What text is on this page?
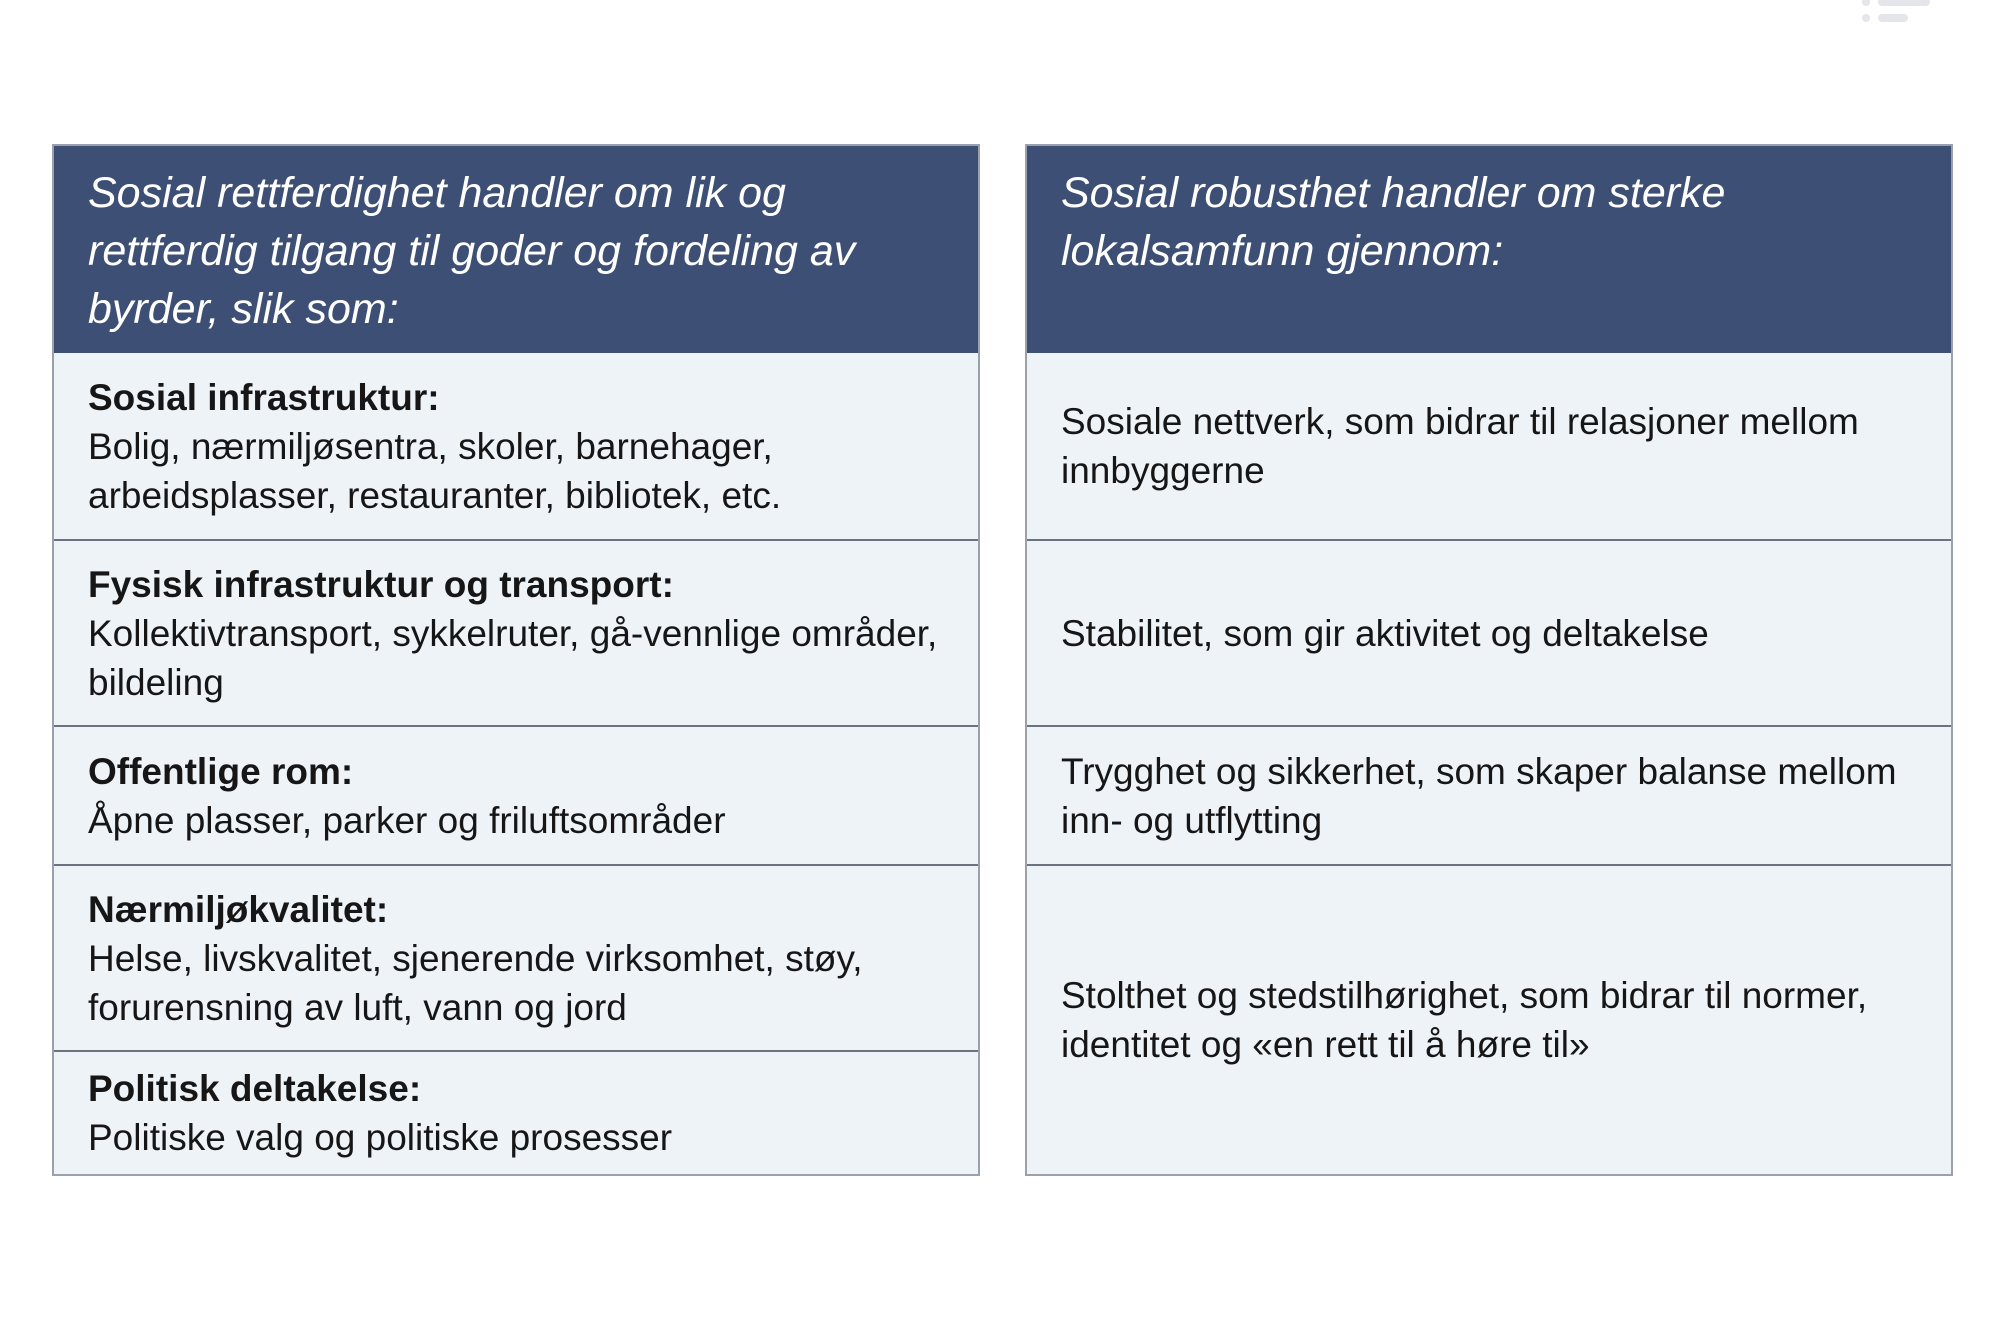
Sosial rettferdighet handler om lik og rettferdig tilgang til goder og fordeling av byrder, slik som:
Sosial infrastruktur:
Bolig, nærmiljøsentra, skoler, barnehager, arbeidsplasser, restauranter, bibliotek, etc.
Fysisk infrastruktur og transport:
Kollektivtransport, sykkelruter, gå-vennlige områder, bildeling
Offentlige rom:
Åpne plasser, parker og friluftsområder
Nærmiljøkvalitet:
Helse, livskvalitet, sjenerende virksomhet, støy, forurensning av luft, vann og jord
Politisk deltakelse:
Politiske valg og politiske prosesser
Sosial robusthet handler om sterke lokalsamfunn gjennom:
Sosiale nettverk, som bidrar til relasjoner mellom innbyggerne
Stabilitet, som gir aktivitet og deltakelse
Trygghet og sikkerhet, som skaper balanse mellom inn- og utflytting
Stolthet og stedstilhørighet, som bidrar til normer, identitet og «en rett til å høre til»
